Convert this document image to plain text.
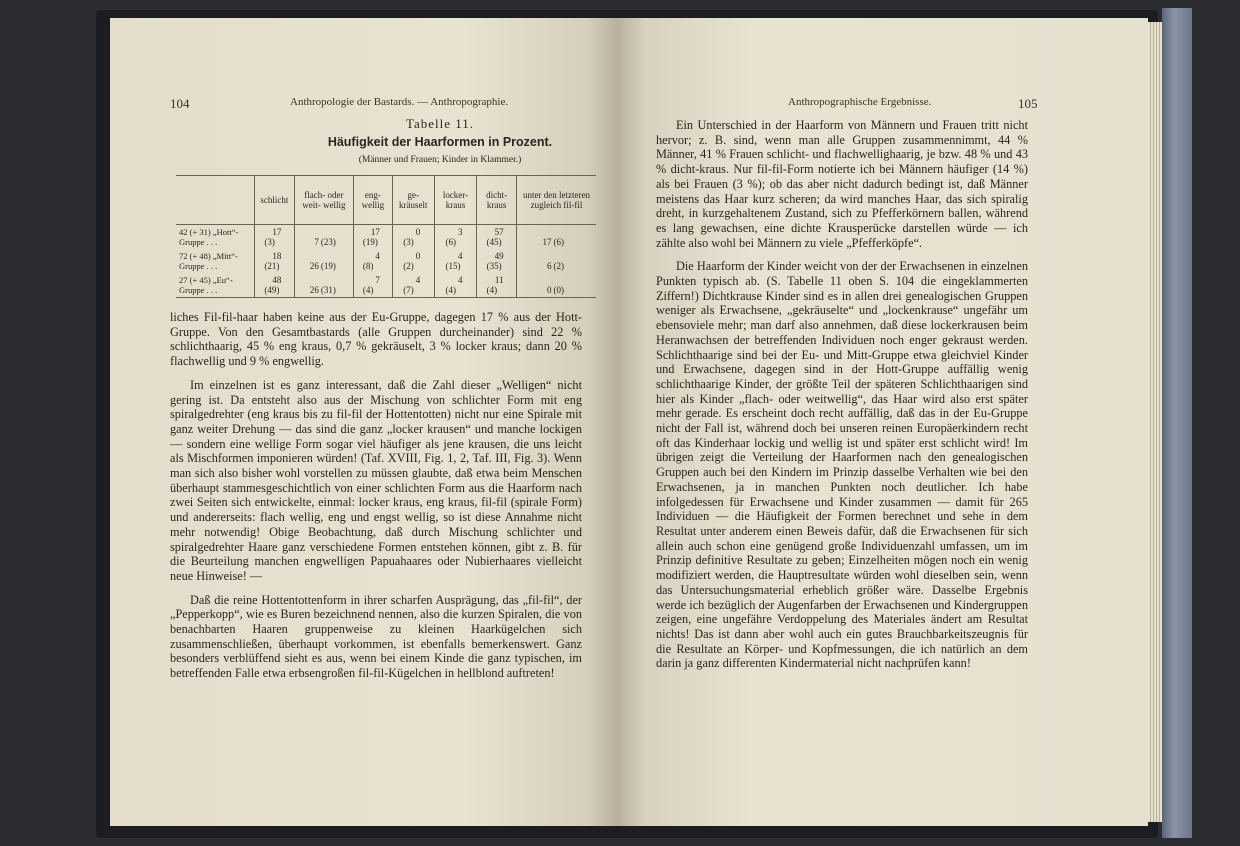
104	Anthropologie der Bastards. — Anthropographie.
Tabelle 11.
Häufigkeit der Haarformen in Prozent.
(Männer und Frauen; Kinder in Klammer.)
	schlicht	flach- oder weit- wellig	eng- wellig	ge- kräuselt	locker- kraus	dicht- kraus	unter den letzteren zugleich fil-fil
42 (+ 31) „Hott“- Gruppe . . .	17(3)	7 (23)	17(19)	0(3)	3(6)	57(45)	17 (6)
72 (+ 48) „Mitt“- Gruppe . . .	18(21)	26 (19)	4(8)	0(2)	4(15)	49(35)	6 (2)
27 (+ 45) „Eu“- Gruppe . . .	48(49)	26 (31)	7(4)	4(7)	4(4)	11(4)	0 (0)

liches Fil-fil-haar haben keine aus der Eu-Gruppe, dagegen 17 % aus der Hott-Gruppe. Von den Gesamtbastards (alle Gruppen durcheinander) sind 22 % schlichthaarig, 45 % eng kraus, 0,7 % gekräuselt, 3 % locker kraus; dann 20 % flachwellig und 9 % engwellig.

Im einzelnen ist es ganz interessant, daß die Zahl dieser „Welligen“ nicht gering ist. Da entsteht also aus der Mischung von schlichter Form mit eng spiralgedrehter (eng kraus bis zu fil-fil der Hottentotten) nicht nur eine Spirale mit ganz weiter Drehung — das sind die ganz „locker krausen“ und manche lockigen — sondern eine wellige Form sogar viel häufiger als jene krausen, die uns leicht als Mischformen imponieren würden! (Taf. XVIII, Fig. 1, 2, Taf. III, Fig. 3). Wenn man sich also bisher wohl vorstellen zu müssen glaubte, daß etwa beim Menschen überhaupt stammesgeschichtlich von einer schlichten Form aus die Haarform nach zwei Seiten sich entwickelte, einmal: locker kraus, eng kraus, fil-fil (spirale Form) und andererseits: flach wellig, eng und engst wellig, so ist diese Annahme nicht mehr notwendig! Obige Beobachtung, daß durch Mischung schlichter und spiralgedrehter Haare ganz verschiedene Formen entstehen können, gibt z. B. für die Beurteilung manchen engwelligen Papuahaares oder Nubierhaares vielleicht neue Hinweise! —

Daß die reine Hottentottenform in ihrer scharfen Ausprägung, das „fil-fil“, der „Pepperkopp“, wie es Buren bezeichnend nennen, also die kurzen Spiralen, die von benachbarten Haaren gruppenweise zu kleinen Haarkügelchen sich zusammenschließen, überhaupt vorkommen, ist ebenfalls bemerkenswert. Ganz besonders verblüffend sieht es aus, wenn bei einem Kinde die ganz typischen, im betreffenden Falle etwa erbsengroßen fil-fil-Kügelchen in hellblond auftreten!

Anthropographische Ergebnisse.	105

Ein Unterschied in der Haarform von Männern und Frauen tritt nicht hervor; z. B. sind, wenn man alle Gruppen zusammennimmt, 44 % Männer, 41 % Frauen schlicht- und flachwellighaarig, je bzw. 48 % und 43 % dicht-kraus. Nur fil-fil-Form notierte ich bei Männern häufiger (14 %) als bei Frauen (3 %); ob das aber nicht dadurch bedingt ist, daß Männer meistens das Haar kurz scheren; da wird manches Haar, das sich spiralig dreht, in kurzgehaltenem Zustand, sich zu Pfefferkörnern ballen, während es lang gewachsen, eine dichte Krausperücke darstellen würde — ich zählte also wohl bei Männern zu viele „Pfefferköpfe“.

Die Haarform der Kinder weicht von der der Erwachsenen in einzelnen Punkten typisch ab. (S. Tabelle 11 oben S. 104 die eingeklammerten Ziffern!) Dichtkrause Kinder sind es in allen drei genealogischen Gruppen weniger als Erwachsene, „gekräuselte“ und „lockenkrause“ ungefähr um ebensoviele mehr; man darf also annehmen, daß diese lockerkrausen beim Heranwachsen der betreffenden Individuen noch enger gekraust werden. Schlichthaarige sind bei der Eu- und Mitt-Gruppe etwa gleichviel Kinder und Erwachsene, dagegen sind in der Hott-Gruppe auffällig wenig schlichthaarige Kinder, der größte Teil der späteren Schlichthaarigen sind hier als Kinder „flach- oder weitwellig“, das Haar wird also erst später mehr gerade. Es erscheint doch recht auffällig, daß das in der Eu-Gruppe nicht der Fall ist, während doch bei unseren reinen Europäerkindern recht oft das Kinderhaar lockig und wellig ist und später erst schlicht wird! Im übrigen zeigt die Verteilung der Haarformen nach den genealogischen Gruppen auch bei den Kindern im Prinzip dasselbe Verhalten wie bei den Erwachsenen, ja in manchen Punkten noch deutlicher. Ich habe infolgedessen für Erwachsene und Kinder zusammen — damit für 265 Individuen — die Häufigkeit der Formen berechnet und sehe in dem Resultat unter anderem einen Beweis dafür, daß die Erwachsenen für sich allein auch schon eine genügend große Individuenzahl umfassen, um im Prinzip definitive Resultate zu geben; Einzelheiten mögen noch ein wenig modifiziert werden, die Hauptresultate würden wohl dieselben sein, wenn das Untersuchungsmaterial erheblich größer wäre. Dasselbe Ergebnis werde ich bezüglich der Augenfarben der Erwachsenen und Kindergruppen zeigen, eine ungefähre Verdoppelung des Materiales ändert am Resultat nichts! Das ist dann aber wohl auch ein gutes Brauchbarkeitszeugnis für die Resultate an Körper- und Kopfmessungen, die ich natürlich an dem darin ja ganz differenten Kindermaterial nicht nachprüfen kann!
